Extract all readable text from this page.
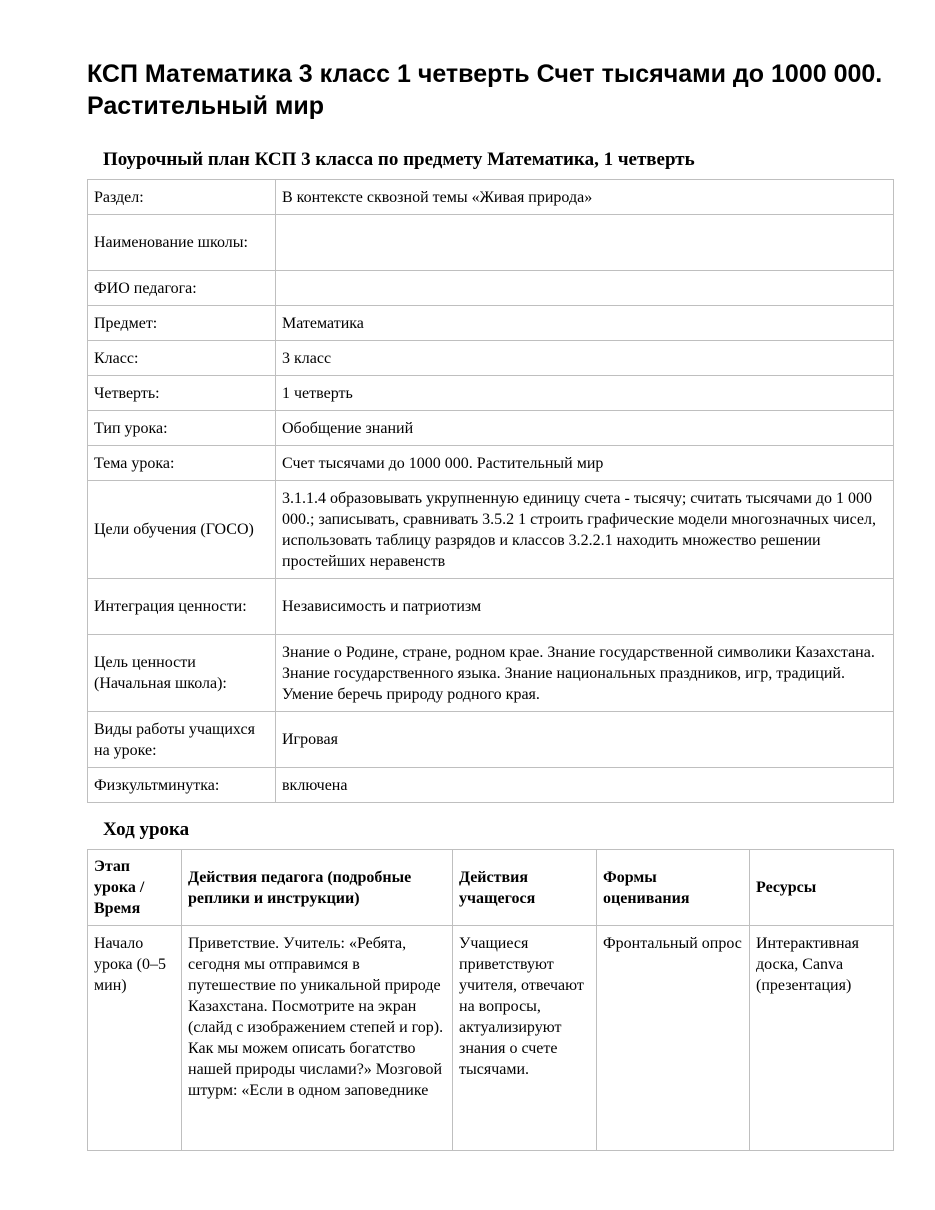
КСП Математика 3 класс 1 четверть Счет тысячами до 1000 000. Растительный мир
Поурочный план КСП 3 класса по предмету Математика, 1 четверть
Раздел:	В контексте сквозной темы «Живая природа»
Наименование школы:	
ФИО педагога:	
Предмет:	Математика
Класс:	3 класс
Четверть:	1 четверть
Тип урока:	Обобщение знаний
Тема урока:	Счет тысячами до 1000 000. Растительный мир
Цели обучения (ГОСО)	3.1.1.4 образовывать укрупненную единицу счета - тысячу; считать тысячами до 1 000 000.; записывать, сравнивать 3.5.2 1 строить графические модели многозначных чисел, использовать таблицу разрядов и классов 3.2.2.1 находить множество решении простейших неравенств
Интеграция ценности:	Независимость и патриотизм
Цель ценности (Начальная школа):	Знание о Родине, стране, родном крае. Знание государственной символики Казахстана. Знание государственного языка. Знание национальных праздников, игр, традиций. Умение беречь природу родного края.
Виды работы учащихся на уроке:	Игровая
Физкультминутка:	включена
Ход урока
Этап урока / Время	Действия педагога (подробные реплики и инструкции)	Действия учащегося	Формы оценивания	Ресурсы
Начало урока (0–5 мин)	Приветствие. Учитель: «Ребята, сегодня мы отправимся в путешествие по уникальной природе Казахстана. Посмотрите на экран (слайд с изображением степей и гор). Как мы можем описать богатство нашей природы числами?» Мозговой штурм: «Если в одном заповеднике	Учащиеся приветствуют учителя, отвечают на вопросы, актуализируют знания о счете тысячами.	Фронтальный опрос	Интерактивная доска, Canva (презентация)
